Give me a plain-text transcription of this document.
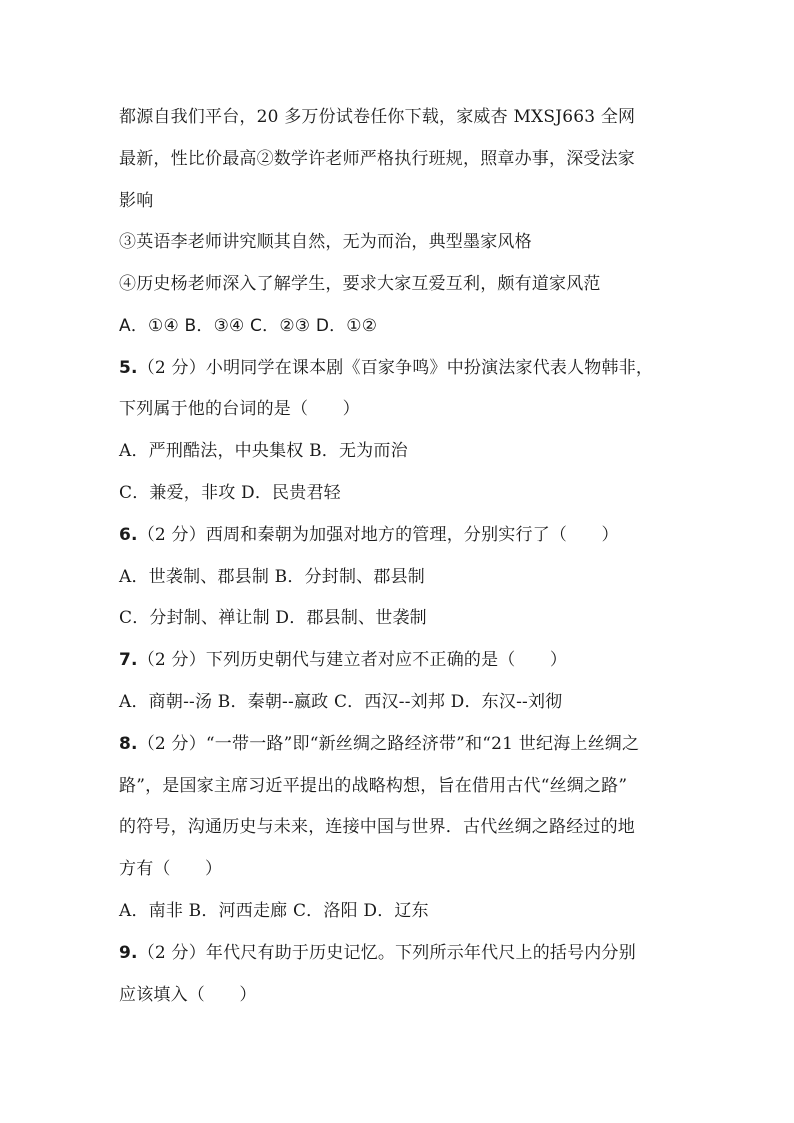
都源自我们平台，20 多万份试卷任你下载，家威杏 MXSJ663 全网
最新，性比价最高②数学许老师严格执行班规，照章办事，深受法家
影响
③英语李老师讲究顺其自然，无为而治，典型墨家风格
④历史杨老师深入了解学生，要求大家互爱互利，颇有道家风范
A．①④ B．③④ C．②③ D．①②
5.（2 分）小明同学在课本剧《百家争鸣》中扮演法家代表人物韩非，
下列属于他的台词的是（　　）
A．严刑酷法，中央集权 B．无为而治
C．兼爱，非攻 D．民贵君轻
6.（2 分）西周和秦朝为加强对地方的管理，分别实行了（　　）
A．世袭制、郡县制 B．分封制、郡县制
C．分封制、禅让制 D．郡县制、世袭制
7.（2 分）下列历史朝代与建立者对应不正确的是（　　）
A．商朝--汤 B．秦朝--嬴政 C．西汉--刘邦 D．东汉--刘彻
8.（2 分）“一带一路”即“新丝绸之路经济带”和“21 世纪海上丝绸之
路”，是国家主席习近平提出的战略构想，旨在借用古代“丝绸之路”
的符号，沟通历史与未来，连接中国与世界．古代丝绸之路经过的地
方有（　　）
A．南非 B．河西走廊 C．洛阳 D．辽东
9.（2 分）年代尺有助于历史记忆。下列所示年代尺上的括号内分别
应该填入（　　）
